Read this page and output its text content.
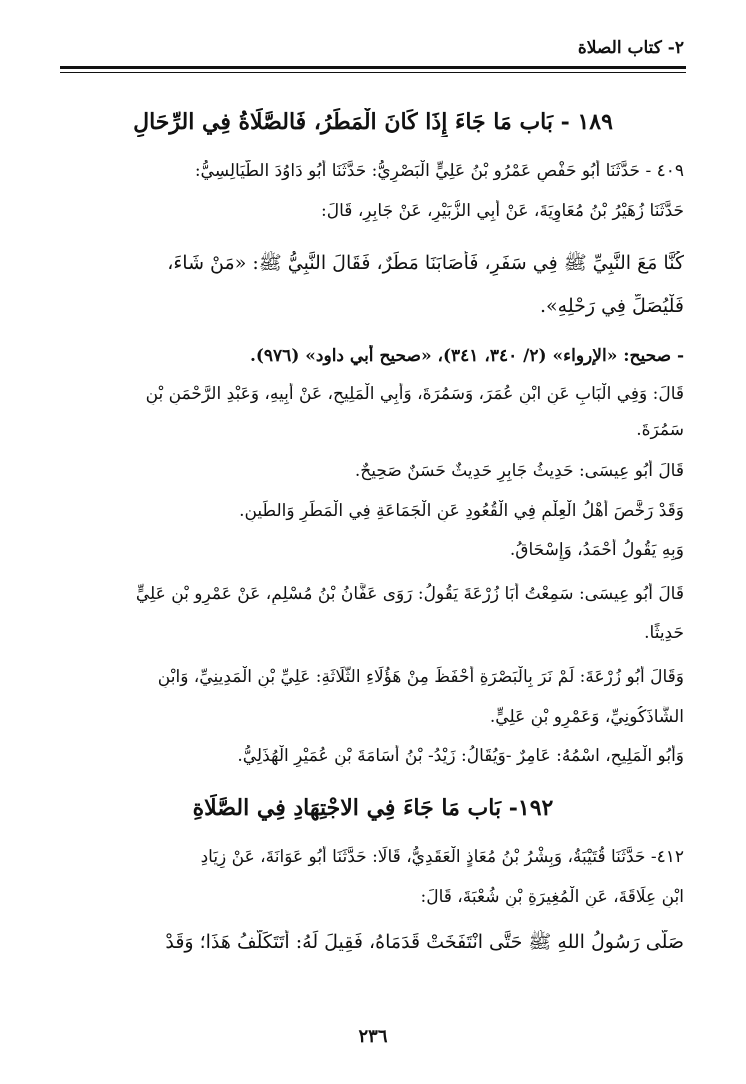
٢- كتاب الصلاة
١٨٩ - بَاب مَا جَاءَ إِذَا كَانَ الْمَطَرُ، فَالصَّلَاةُ فِي الرِّحَالِ
٤٠٩ - حَدَّثَنَا أَبُو حَفْصٍ عَمْرُو بْنُ عَلِيٍّ الْبَصْرِيُّ: حَدَّثَنَا أَبُو دَاوُدَ الطَّيَالِسِيُّ:
حَدَّثَنَا زُهَيْرُ بْنُ مُعَاوِيَةَ، عَنْ أَبِي الزُّبَيْرِ، عَنْ جَابِرٍ، قَالَ:
كُنَّا مَعَ النَّبِيِّ ﷺ فِي سَفَرٍ، فَأَصَابَنَا مَطَرٌ، فَقَالَ النَّبِيُّ ﷺ: «مَنْ شَاءَ،
فَلْيُصَلِّ فِي رَحْلِهِ».
- صحيح: «الإرواء» (٢/ ٣٤٠، ٣٤١)، «صحيح أبي داود» (٩٧٦).
قَالَ: وَفِي الْبَابِ عَنِ ابْنِ عُمَرَ، وَسَمُرَةَ، وَأَبِي الْمَلِيحِ، عَنْ أَبِيهِ، وَعَبْدِ الرَّحْمَنِ بْنِ
سَمُرَةَ.
قَالَ أَبُو عِيسَى: حَدِيثُ جَابِرٍ حَدِيثٌ حَسَنٌ صَحِيحٌ.
وَقَدْ رَخَّصَ أَهْلُ الْعِلْمِ فِي الْقُعُودِ عَنِ الْجَمَاعَةِ فِي الْمَطَرِ وَالطِّينِ.
وَبِهِ يَقُولُ أَحْمَدُ، وَإِسْحَاقُ.
قَالَ أَبُو عِيسَى: سَمِعْتُ أَبَا زُرْعَةَ يَقُولُ: رَوَى عَفَّانُ بْنُ مُسْلِمٍ، عَنْ عَمْرِو بْنِ عَلِيٍّ
حَدِيثًا.
وَقَالَ أَبُو زُرْعَةَ: لَمْ نَرَ بِالْبَصْرَةِ أَحْفَظَ مِنْ هَؤُلَاءِ الثَّلَاثَةِ: عَلِيِّ بْنِ الْمَدِينِيِّ، وَابْنِ
الشَّاذَكُونِيِّ، وَعَمْرِو بْنِ عَلِيٍّ.
وَأَبُو الْمَلِيحِ، اسْمُهُ: عَامِرٌ -وَيُقَالُ: زَيْدُ- بْنُ أُسَامَةَ بْنِ عُمَيْرٍ الْهُذَلِيُّ.
١٩٢- بَاب مَا جَاءَ فِي الاجْتِهَادِ فِي الصَّلَاةِ
٤١٢- حَدَّثَنَا قُتَيْبَةُ، وَبِشْرُ بْنُ مُعَاذٍ الْعَقَدِيُّ، قَالَا: حَدَّثَنَا أَبُو عَوَانَةَ، عَنْ زِيَادِ
ابْنِ عِلَاقَةَ، عَنِ الْمُغِيرَةِ بْنِ شُعْبَةَ، قَالَ:
صَلَّى رَسُولُ اللهِ ﷺ حَتَّى انْتَفَخَتْ قَدَمَاهُ، فَقِيلَ لَهُ: أَتَتَكَلَّفُ هَذَا؛ وَقَدْ
٢٣٦
